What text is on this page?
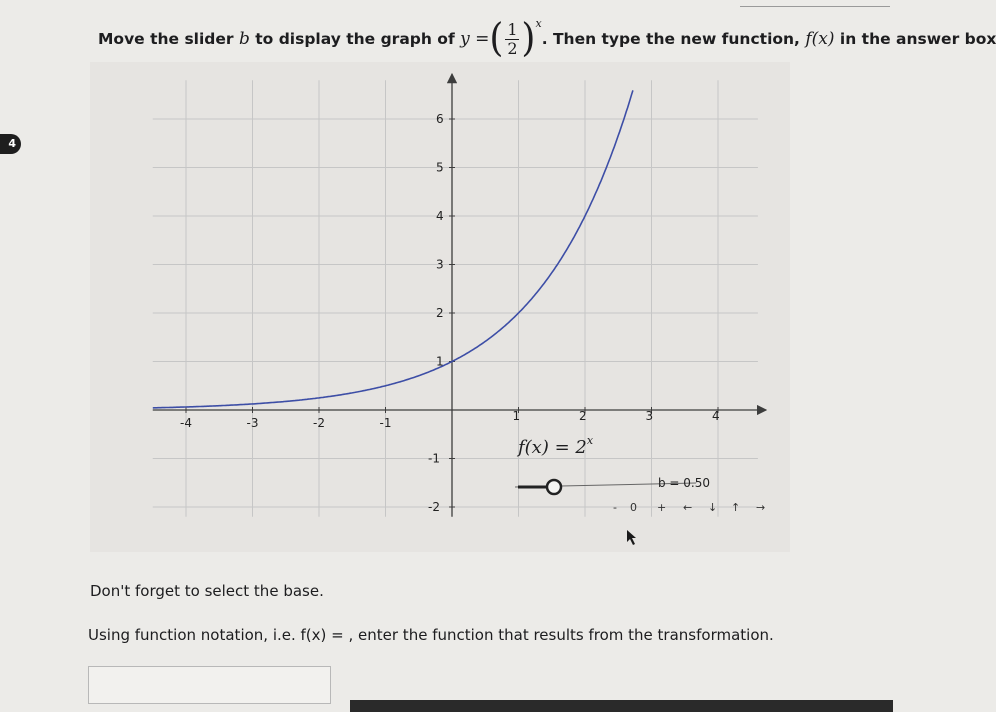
4
Move the slider
b
to display the graph of
y = ( $\frac{1}{2}$ ) x
. Then type the new function,
f(x)
in the answer box
-4	-3	-2	-1	1	2	3	4
6
5
4
3
2
1
-1
-2
$f(x) = 2^x$
b = 0.50
- 0 + ← ↓ ↑ →
Don't forget to select the base.
Using function notation, i.e. f(x) = , enter the function that results from the transformation.
